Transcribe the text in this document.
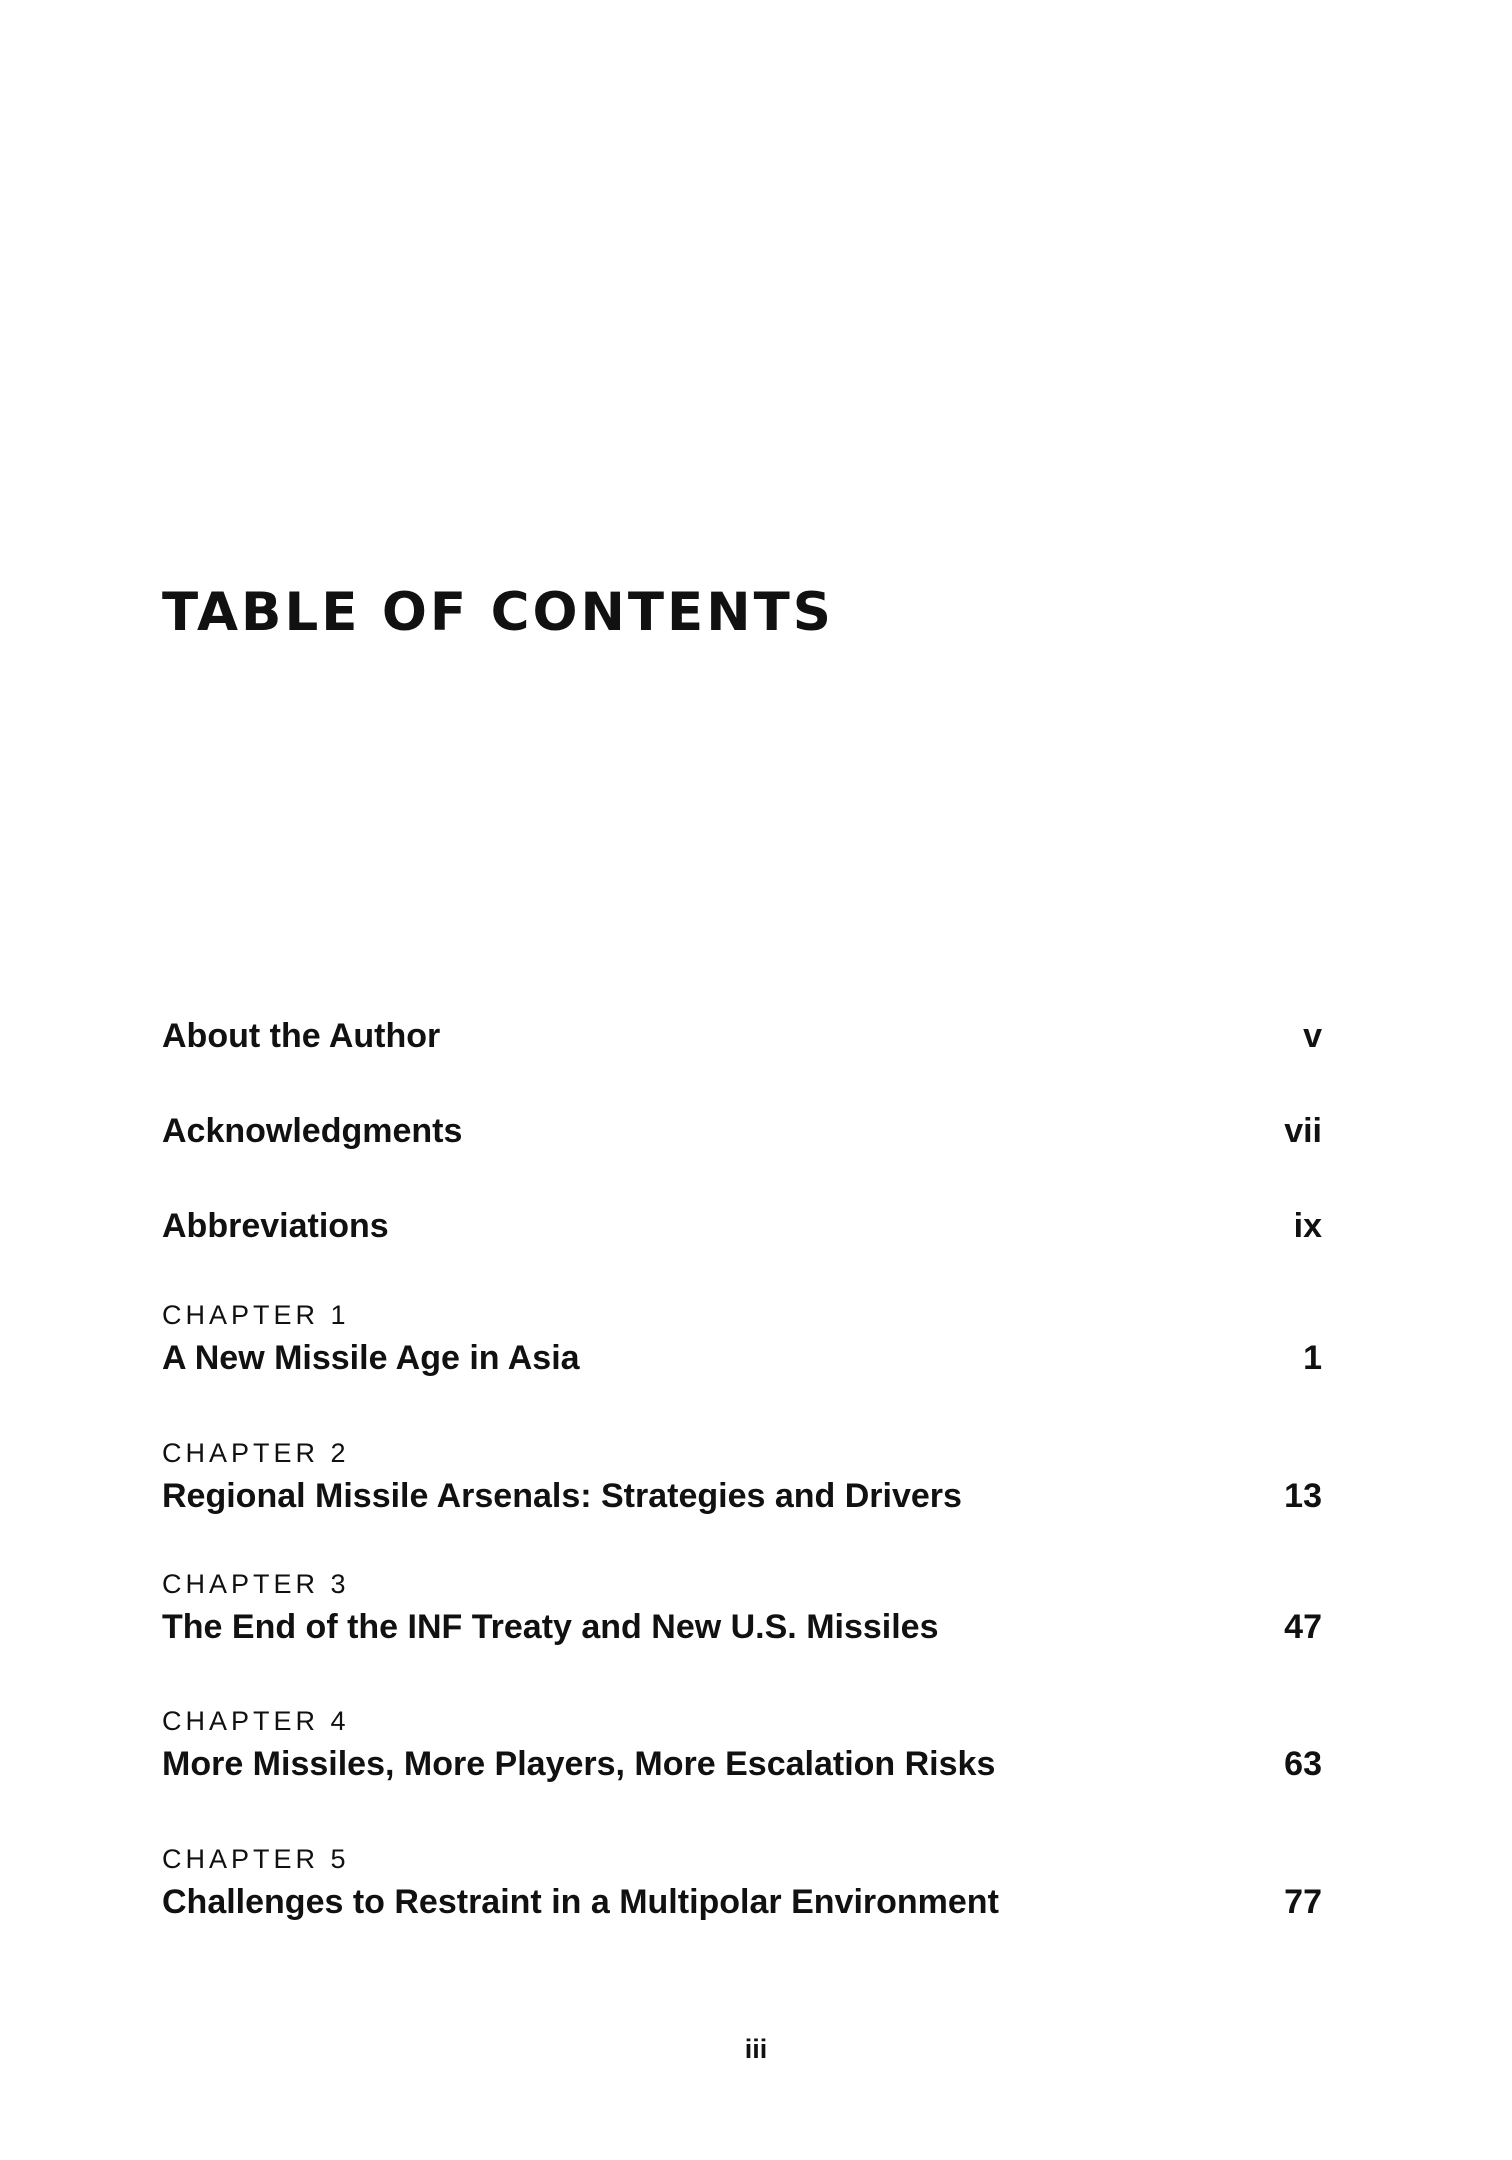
TABLE OF CONTENTS
About the Author	v
Acknowledgments	vii
Abbreviations	ix
CHAPTER 1
A New Missile Age in Asia	1
CHAPTER 2
Regional Missile Arsenals: Strategies and Drivers	13
CHAPTER 3
The End of the INF Treaty and New U.S. Missiles	47
CHAPTER 4
More Missiles, More Players, More Escalation Risks	63
CHAPTER 5
Challenges to Restraint in a Multipolar Environment	77
iii
